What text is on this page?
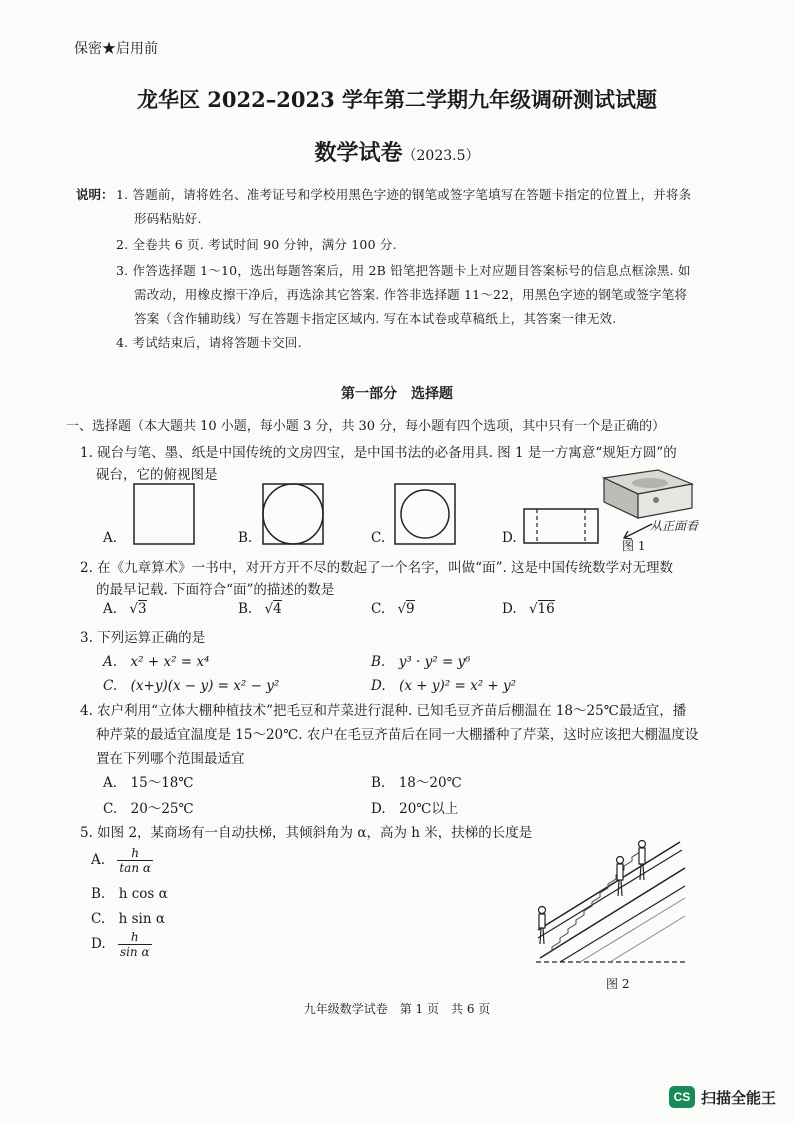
保密★启用前
龙华区 2022–2023 学年第二学期九年级调研测试试题
数学试卷（2023.5）
说明： 1. 答题前，请将姓名、准考证号和学校用黑色字迹的钢笔或签字笔填写在答题卡指定的位置上，并将条
形码粘贴好.
2. 全卷共 6 页. 考试时间 90 分钟，满分 100 分.
3. 作答选择题 1～10，选出每题答案后，用 2B 铅笔把答题卡上对应题目答案标号的信息点框涂黑. 如
需改动，用橡皮擦干净后，再选涂其它答案. 作答非选择题 11～22，用黑色字迹的钢笔或签字笔将
答案（含作辅助线）写在答题卡指定区域内. 写在本试卷或草稿纸上，其答案一律无效.
4. 考试结束后，请将答题卡交回.
第一部分　选择题
一、选择题（本大题共 10 小题，每小题 3 分，共 30 分，每小题有四个选项，其中只有一个是正确的）
1. 砚台与笔、墨、纸是中国传统的文房四宝，是中国书法的必备用具. 图 1 是一方寓意“规矩方圆”的
砚台，它的俯视图是
A.	B.	C.	D.
从正面看
图 1
2. 在《九章算术》一书中，对开方开不尽的数起了一个名字，叫做“面”. 这是中国传统数学对无理数
的最早记载. 下面符合“面”的描述的数是
A. √3	B. √4	C. √9	D. √16
3. 下列运算正确的是
A.　x² + x² = x⁴	B.　y³ · y² = y⁶
C.　(x+y)(x − y) = x² − y²	D.　(x + y)² = x² + y²
4. 农户利用“立体大棚种植技术”把毛豆和芹菜进行混种. 已知毛豆齐苗后棚温在 18～25℃最适宜，播
种芹菜的最适宜温度是 15～20℃. 农户在毛豆齐苗后在同一大棚播种了芹菜，这时应该把大棚温度设
置在下列哪个范围最适宜
A.　15～18℃	B.　18～20℃
C.　20～25℃	D.　20℃以上
5. 如图 2，某商场有一自动扶梯，其倾斜角为 α，高为 h 米，扶梯的长度是
A. $\frac{h}{\text{tan α}}$
B.　h cos α
C.　h sin α
D. $\frac{h}{\text{sin α}}$
图 2
九年级数学试卷　第 1 页　共 6 页
CS 扫描全能王
